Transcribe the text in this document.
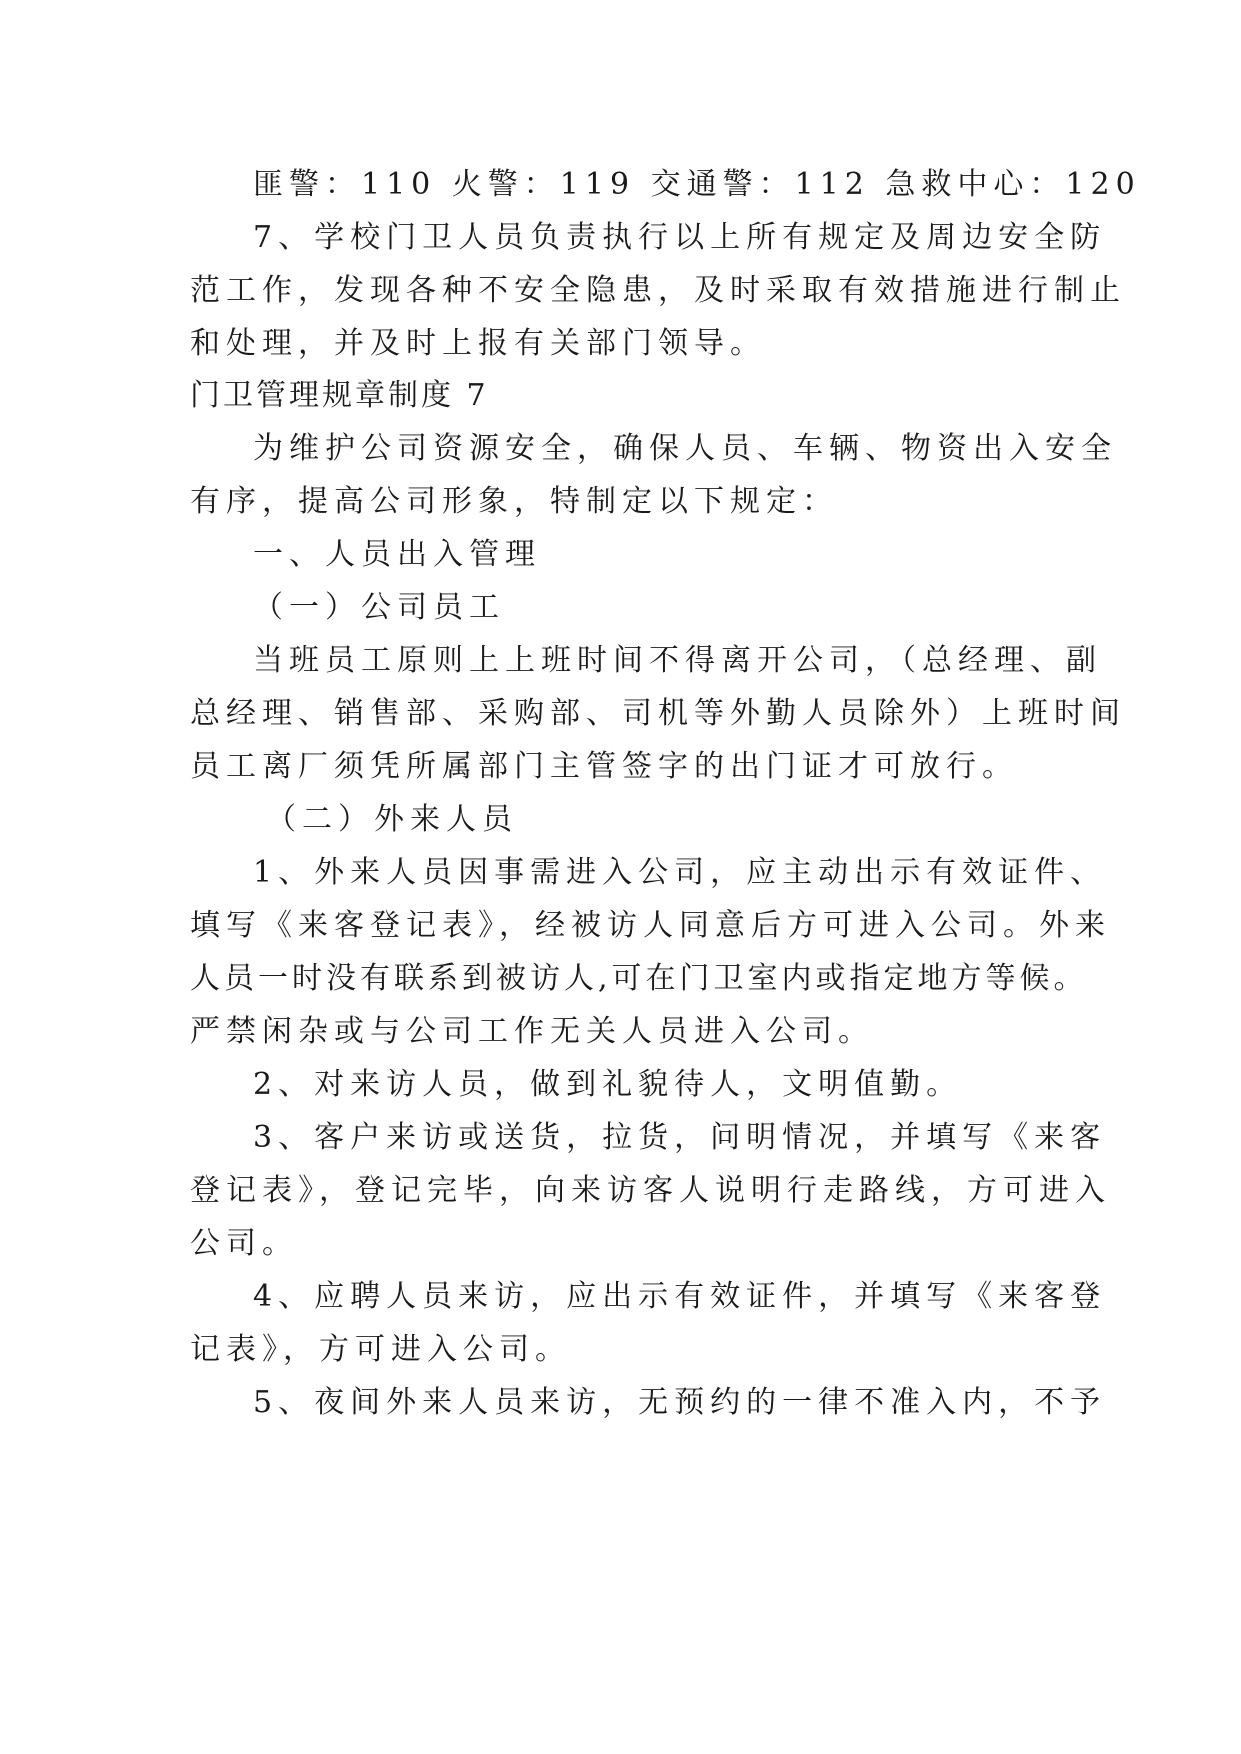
匪警：110 火警：119 交通警：112 急救中心：120
7、学校门卫人员负责执行以上所有规定及周边安全防
范工作，发现各种不安全隐患，及时采取有效措施进行制止
和处理，并及时上报有关部门领导。
门卫管理规章制度 7
为维护公司资源安全，确保人员、车辆、物资出入安全
有序，提高公司形象，特制定以下规定：
一、人员出入管理
（一）公司员工
当班员工原则上上班时间不得离开公司，（总经理、副
总经理、销售部、采购部、司机等外勤人员除外）上班时间
员工离厂须凭所属部门主管签字的出门证才可放行。
（二）外来人员
1、外来人员因事需进入公司，应主动出示有效证件、
填写《来客登记表》，经被访人同意后方可进入公司。外来
人员一时没有联系到被访人,可在门卫室内或指定地方等候。
严禁闲杂或与公司工作无关人员进入公司。
2、对来访人员，做到礼貌待人，文明值勤。
3、客户来访或送货，拉货，问明情况，并填写《来客
登记表》，登记完毕，向来访客人说明行走路线，方可进入
公司。
4、应聘人员来访，应出示有效证件，并填写《来客登
记表》，方可进入公司。
5、夜间外来人员来访，无预约的一律不准入内，不予
